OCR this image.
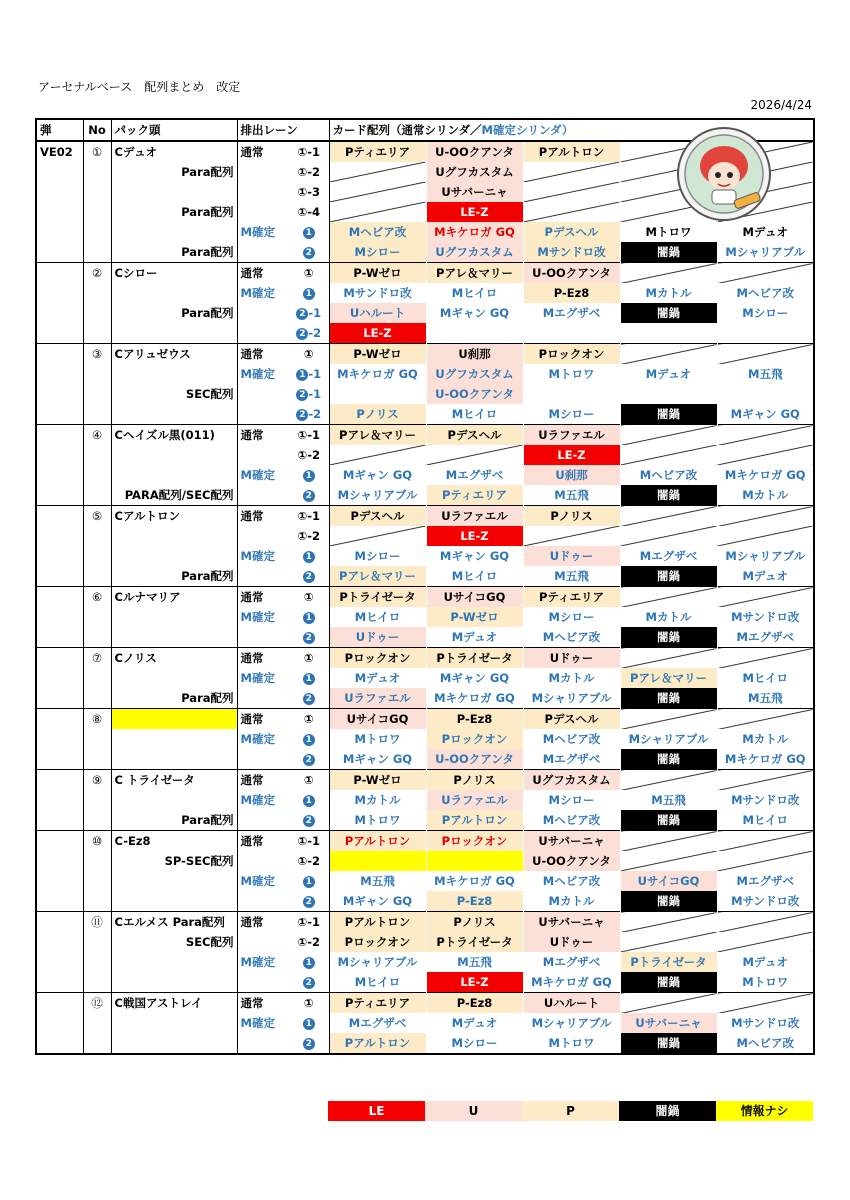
アーセナルベース　配列まとめ　改定
2026/4/24
弾	No	パック頭	排出レーン		カード配列（通常シリンダ／M確定シリンダ）				
VE02	①	Cデュオ	通常	①-1	Pティエリア	U-OOクアンタ	Pアルトロン		

		Para配列		①-2		Uグフカスタム			
				①-3		Uサバーニャ			

		Para配列		①-4		LE-Z			
			M確定	1	Mヘビア改	Mキケロガ GQ	Pデスヘル	Mトロワ	Mデュオ

		Para配列		2	Mシロー	Uグフカスタム	Mサンドロ改	闇鍋	Mシャリアブル
	②	Cシロー	通常	①	P-Wゼロ	Pアレ＆マリー	U-OOクアンタ		
			M確定	1	Mサンドロ改	Mヒイロ	P-Ez8	Mカトル	Mヘビア改

		Para配列		2 -1	Uハルート	Mギャン GQ	Mエグザベ	闇鍋	Mシロー
				2 -2	LE-Z				
	③	Cアリュゼウス	通常	①	P-Wゼロ	U刹那	Pロックオン		
			M確定	1 -1	Mキケロガ GQ	Uグフカスタム	Mトロワ	Mデュオ	M五飛

		SEC配列		2 -1		U-OOクアンタ			
				2 -2	Pノリス	Mヒイロ	Mシロー	闇鍋	Mギャン GQ
	④	Cヘイズル黒(011)	通常	①-1	Pアレ＆マリー	Pデスヘル	Uラファエル		
				①-2			LE-Z		
			M確定	1	Mギャン GQ	Mエグザベ	U刹那	Mヘビア改	Mキケロガ GQ

		PARA配列/SEC配列		2	Mシャリアブル	Pティエリア	M五飛	闇鍋	Mカトル
	⑤	Cアルトロン	通常	①-1	Pデスヘル	Uラファエル	Pノリス		
				①-2		LE-Z			
			M確定	1	Mシロー	Mギャン GQ	Uドゥー	Mエグザベ	Mシャリアブル

		Para配列		2	Pアレ＆マリー	Mヒイロ	M五飛	闇鍋	Mデュオ
	⑥	Cルナマリア	通常	①	Pトライゼータ	UサイコGQ	Pティエリア		
			M確定	1	Mヒイロ	P-Wゼロ	Mシロー	Mカトル	Mサンドロ改
				2	Uドゥー	Mデュオ	Mヘビア改	闇鍋	Mエグザベ
	⑦	Cノリス	通常	①	Pロックオン	Pトライゼータ	Uドゥー		
			M確定	1	Mデュオ	Mギャン GQ	Mカトル	Pアレ＆マリー	Mヒイロ

		Para配列		2	Uラファエル	Mキケロガ GQ	Mシャリアブル	闇鍋	M五飛
	⑧		通常	①	UサイコGQ	P-Ez8	Pデスヘル		
			M確定	1	Mトロワ	Pロックオン	Mヘビア改	Mシャリアブル	Mカトル
				2	Mギャン GQ	U-OOクアンタ	Mエグザベ	闇鍋	Mキケロガ GQ
	⑨	C トライゼータ	通常	①	P-Wゼロ	Pノリス	Uグフカスタム		
			M確定	1	Mカトル	Uラファエル	Mシロー	M五飛	Mサンドロ改

		Para配列		2	Mトロワ	Pアルトロン	Mヘビア改	闇鍋	Mヒイロ
	⑩	C-Ez8	通常	①-1	Pアルトロン	Pロックオン	Uサバーニャ		

		SP-SEC配列		①-2			U-OOクアンタ		
			M確定	1	M五飛	Mキケロガ GQ	Mヘビア改	UサイコGQ	Mエグザベ
				2	Mギャン GQ	P-Ez8	Mカトル	闇鍋	Mサンドロ改
	⑪	Cエルメス Para配列	通常	①-1	Pアルトロン	Pノリス	Uサバーニャ		

		SEC配列		①-2	Pロックオン	Pトライゼータ	Uドゥー		
			M確定	1	Mシャリアブル	M五飛	Mエグザベ	Pトライゼータ	Mデュオ
				2	Mヒイロ	LE-Z	Mキケロガ GQ	闇鍋	Mトロワ
	⑫	C戦国アストレイ	通常	①	Pティエリア	P-Ez8	Uハルート		
			M確定	1	Mエグザベ	Mデュオ	Mシャリアブル	Uサバーニャ	Mサンドロ改
				2	Pアルトロン	Mシロー	Mトロワ	闇鍋	Mヘビア改
LE	U	P	闇鍋	情報ナシ
